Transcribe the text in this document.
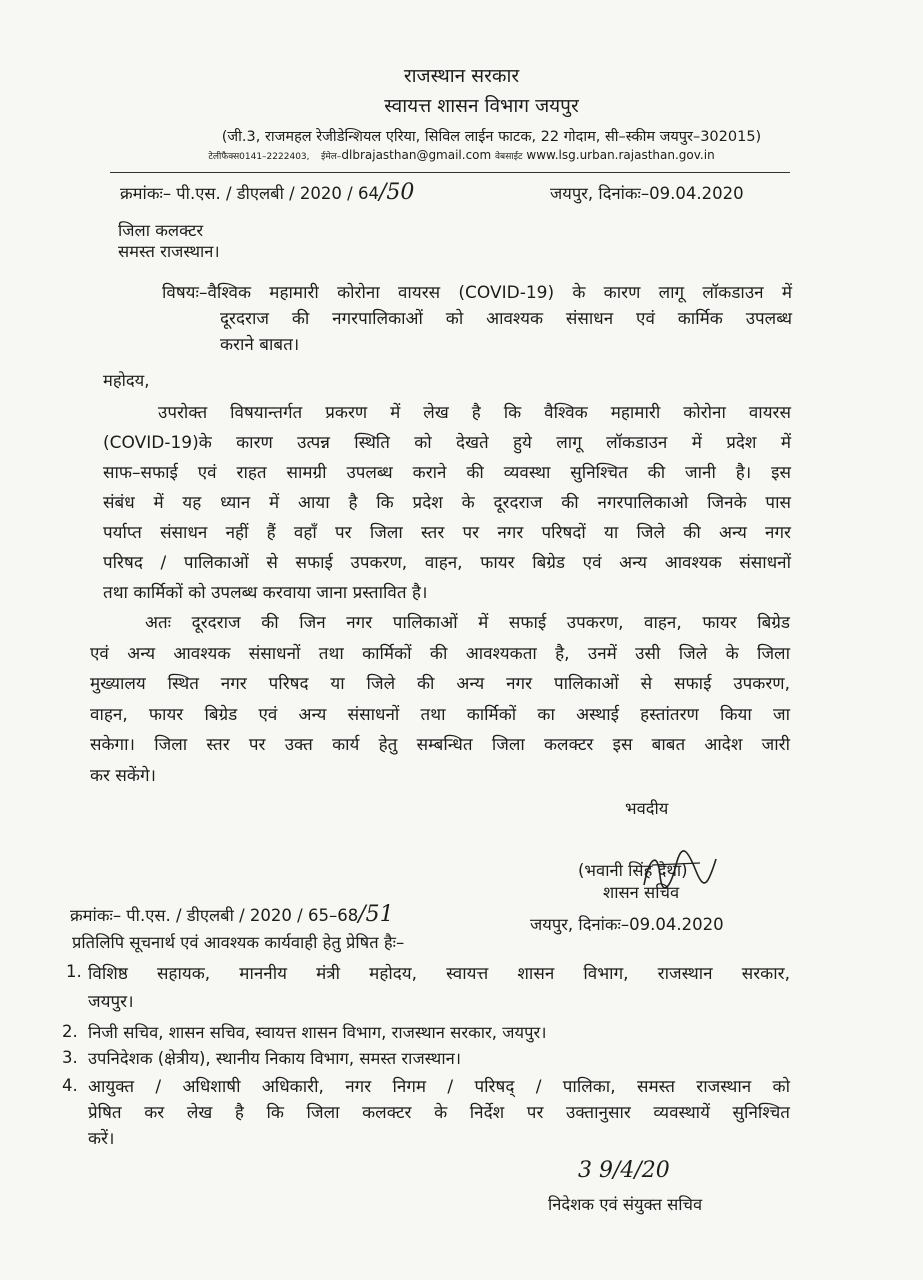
राजस्थान सरकार
स्वायत्त शासन विभाग जयपुर
(जी.3, राजमहल रेजीडेन्शियल एरिया, सिविल लाईन फाटक, 22 गोदाम, सी–स्कीम जयपुर–302015)
टेलीफैक्स0141–2222403, ईमेल–dlbrajasthan@gmail.com वेबसाईट www.lsg.urban.rajasthan.gov.in
क्रमांकः– पी.एस. / डीएलबी / 2020 / 64/50	जयपुर, दिनांकः–09.04.2020
जिला कलक्टर
समस्त राजस्थान।
विषयः–वैश्विक महामारी कोरोना वायरस (COVID-19) के कारण लागू लॉकडाउन में
दूरदराज की नगरपालिकाओं को आवश्यक संसाधन एवं कार्मिक उपलब्ध
कराने बाबत।
महोदय,
उपरोक्त विषयान्तर्गत प्रकरण में लेख है कि वैश्विक महामारी कोरोना वायरस
(COVID-19)के कारण उत्पन्न स्थिति को देखते हुये लागू लॉकडाउन में प्रदेश में
साफ–सफाई एवं राहत सामग्री उपलब्ध कराने की व्यवस्था सुनिश्चित की जानी है। इस
संबंध में यह ध्यान में आया है कि प्रदेश के दूरदराज की नगरपालिकाओ जिनके पास
पर्याप्त संसाधन नहीं हैं वहाँ पर जिला स्तर पर नगर परिषदों या जिले की अन्य नगर
परिषद / पालिकाओं से सफाई उपकरण, वाहन, फायर बिग्रेड एवं अन्य आवश्यक संसाधनों
तथा कार्मिकों को उपलब्ध करवाया जाना प्रस्तावित है।
अतः दूरदराज की जिन नगर पालिकाओं में सफाई उपकरण, वाहन, फायर बिग्रेड
एवं अन्य आवश्यक संसाधनों तथा कार्मिकों की आवश्यकता है, उनमें उसी जिले के जिला
मुख्यालय स्थित नगर परिषद या जिले की अन्य नगर पालिकाओं से सफाई उपकरण,
वाहन, फायर बिग्रेड एवं अन्य संसाधनों तथा कार्मिकों का अस्थाई हस्तांतरण किया जा
सकेगा। जिला स्तर पर उक्त कार्य हेतु सम्बन्धित जिला कलक्टर इस बाबत आदेश जारी
कर सकेंगे।
भवदीय
(भवानी सिंह देथा)
शासन सचिव
क्रमांकः– पी.एस. / डीएलबी / 2020 / 65–68/51	जयपुर, दिनांकः–09.04.2020
प्रतिलिपि सूचनार्थ एवं आवश्यक कार्यवाही हेतु प्रेषित हैः–
1. विशिष्ठ सहायक, माननीय मंत्री महोदय, स्वायत्त शासन विभाग, राजस्थान सरकार,
जयपुर।
2. निजी सचिव, शासन सचिव, स्वायत्त शासन विभाग, राजस्थान सरकार, जयपुर।
3. उपनिदेशक (क्षेत्रीय), स्थानीय निकाय विभाग, समस्त राजस्थान।
4. आयुक्त / अधिशाषी अधिकारी, नगर निगम / परिषद् / पालिका, समस्त राजस्थान को
प्रेषित कर लेख है कि जिला कलक्टर के निर्देश पर उक्तानुसार व्यवस्थायें सुनिश्चित
करें।
3 9/4/20
निदेशक एवं संयुक्त सचिव
